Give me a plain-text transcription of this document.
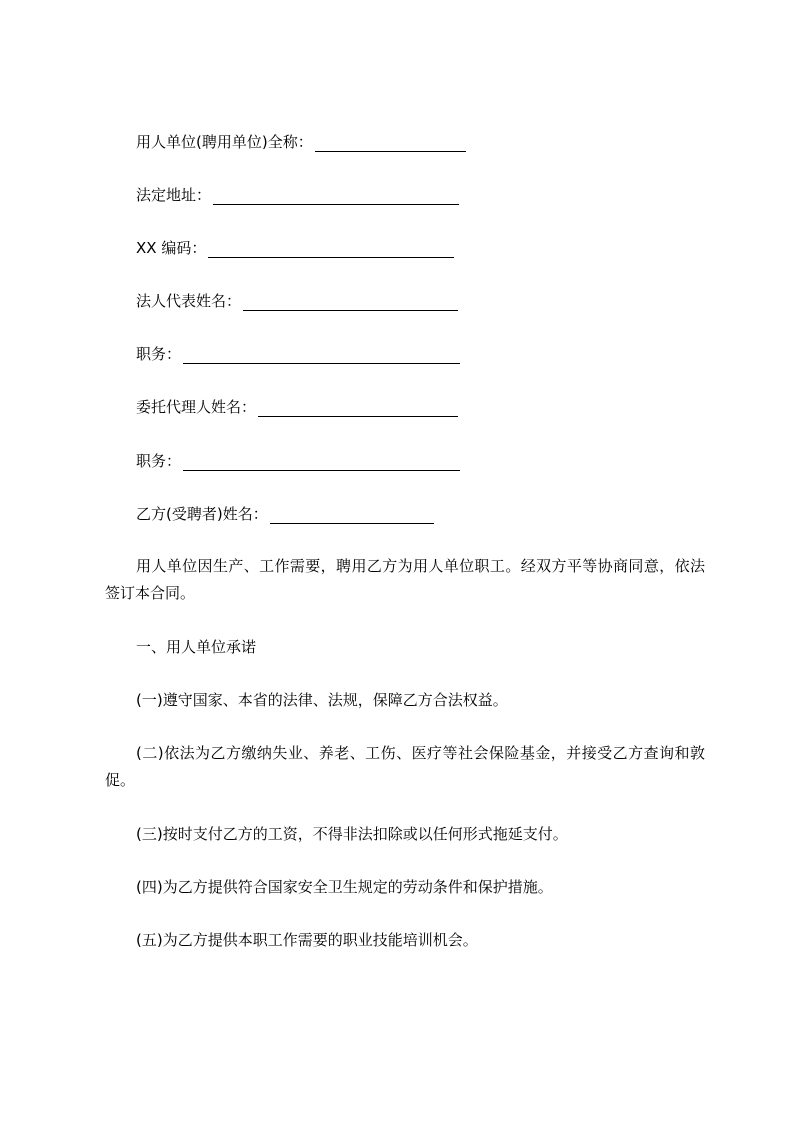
用人单位(聘用单位)全称：
法定地址：
XX 编码：
法人代表姓名：
职务：
委托代理人姓名：
职务：
乙方(受聘者)姓名：
用人单位因生产、工作需要，聘用乙方为用人单位职工。经双方平等协商同意，依法签订本合同。
一、用人单位承诺
(一)遵守国家、本省的法律、法规，保障乙方合法权益。
(二)依法为乙方缴纳失业、养老、工伤、医疗等社会保险基金，并接受乙方查询和敦促。
(三)按时支付乙方的工资，不得非法扣除或以任何形式拖延支付。
(四)为乙方提供符合国家安全卫生规定的劳动条件和保护措施。
(五)为乙方提供本职工作需要的职业技能培训机会。
